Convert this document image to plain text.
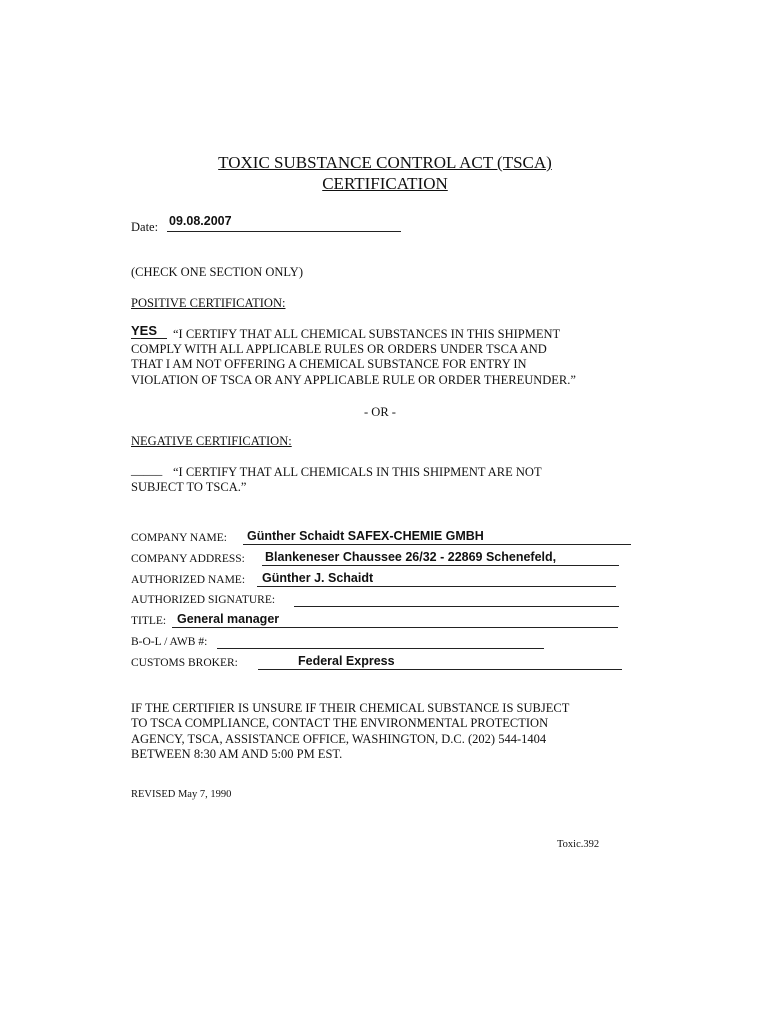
TOXIC SUBSTANCE CONTROL ACT (TSCA)
CERTIFICATION
Date: 09.08.2007
(CHECK ONE SECTION ONLY)
POSITIVE CERTIFICATION:
YES “I CERTIFY THAT ALL CHEMICAL SUBSTANCES IN THIS SHIPMENT
COMPLY WITH ALL APPLICABLE RULES OR ORDERS UNDER TSCA AND
THAT I AM NOT OFFERING A CHEMICAL SUBSTANCE FOR ENTRY IN
VIOLATION OF TSCA OR ANY APPLICABLE RULE OR ORDER THEREUNDER.”
- OR -
NEGATIVE CERTIFICATION:
_____ “I CERTIFY THAT ALL CHEMICALS IN THIS SHIPMENT ARE NOT
SUBJECT TO TSCA.”
COMPANY NAME: Günther Schaidt SAFEX-CHEMIE GMBH
COMPANY ADDRESS: Blankeneser Chaussee 26/32 - 22869 Schenefeld,
AUTHORIZED NAME: Günther J. Schaidt
AUTHORIZED SIGNATURE:
TITLE: General manager
B-O-L / AWB #:
CUSTOMS BROKER:	Federal Express
IF THE CERTIFIER IS UNSURE IF THEIR CHEMICAL SUBSTANCE IS SUBJECT
TO TSCA COMPLIANCE, CONTACT THE ENVIRONMENTAL PROTECTION
AGENCY, TSCA, ASSISTANCE OFFICE, WASHINGTON, D.C. (202) 544-1404
BETWEEN 8:30 AM AND 5:00 PM EST.
REVISED May 7, 1990
Toxic.392
